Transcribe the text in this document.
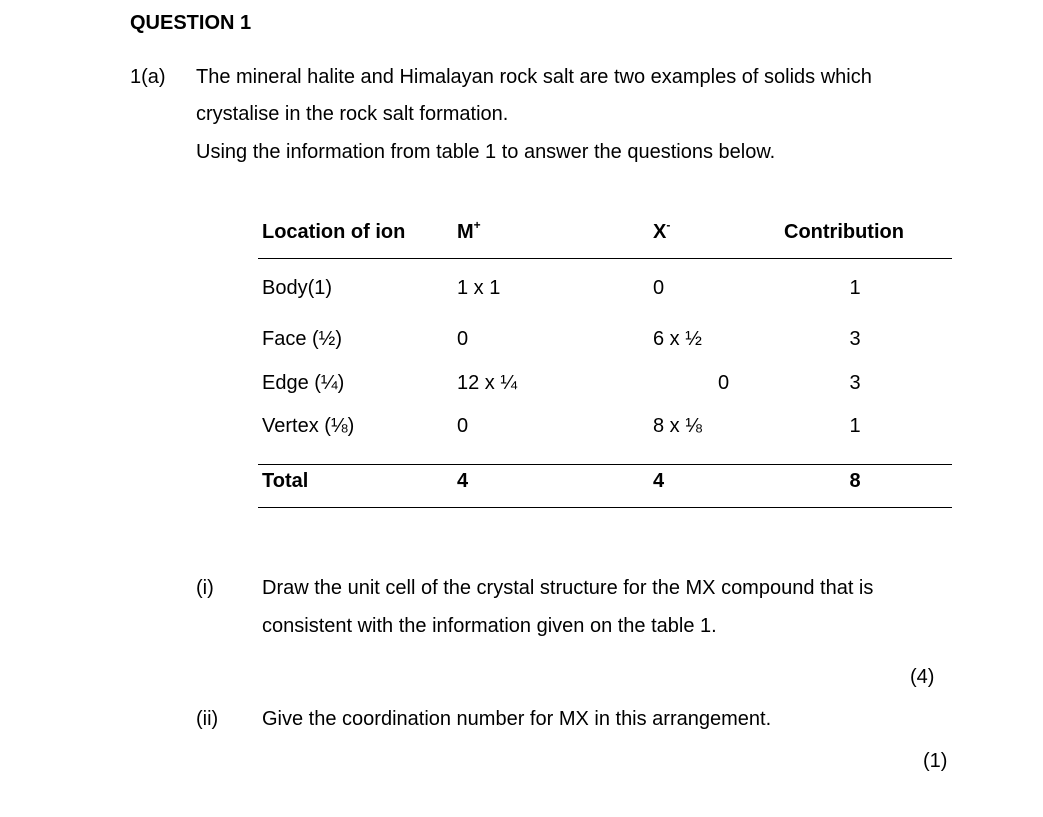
QUESTION 1
1(a) The mineral halite and Himalayan rock salt are two examples of solids which
crystalise in the rock salt formation.
Using the information from table 1 to answer the questions below.
Location of ion	M+	X-	Contribution
Body(1)	1 x 1	0	1
Face (½)	0	6 x ½	3
Edge (¼)	12 x ¼	0	3
Vertex (⅛)	0	8 x ⅛	1
Total	4	4	8
(i) Draw the unit cell of the crystal structure for the MX compound that is
consistent with the information given on the table 1.
(4)
(ii) Give the coordination number for MX in this arrangement.
(1)
